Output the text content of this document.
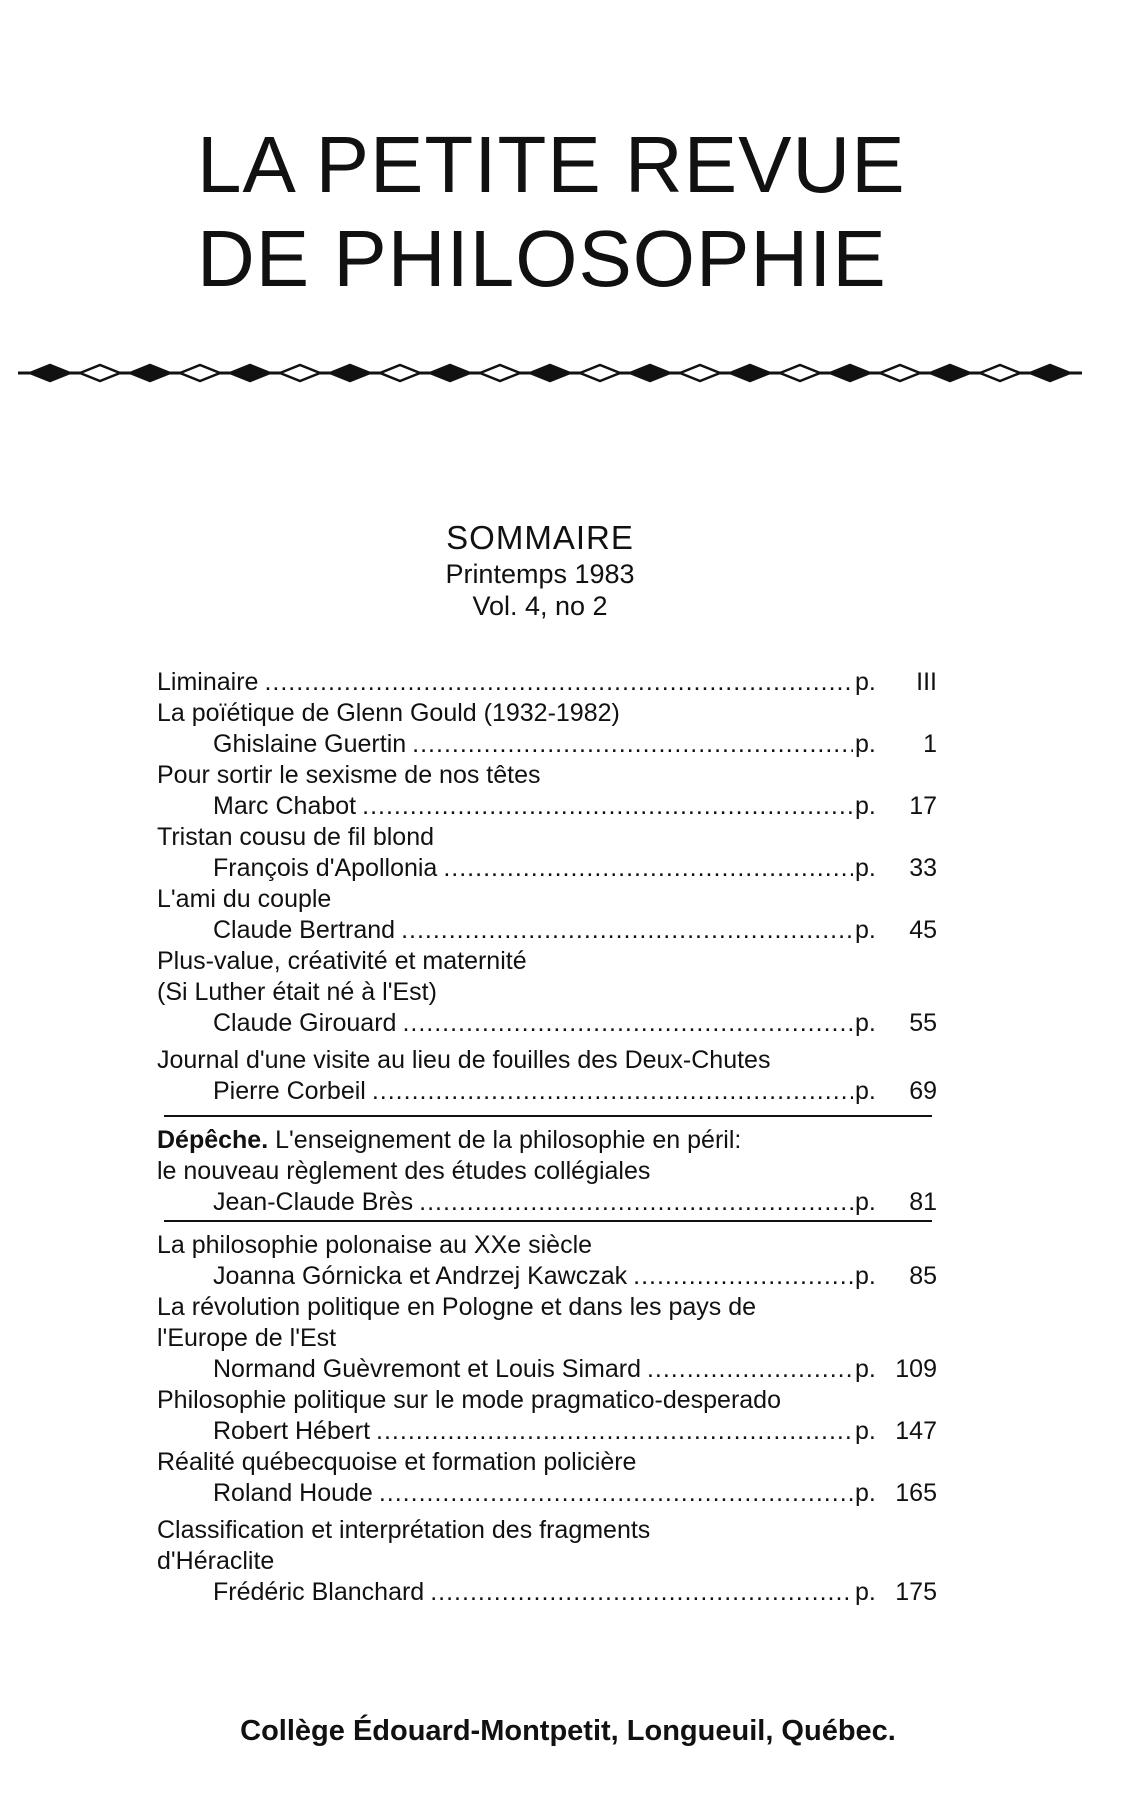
LA PETITE REVUE
DE PHILOSOPHIE
SOMMAIRE
Printemps 1983
Vol. 4, no 2
Liminaire .....	p.	III
La poïétique de Glenn Gould (1932-1982)
Ghislaine Guertin .....	p.	1
Pour sortir le sexisme de nos têtes
Marc Chabot .....	p.	17
Tristan cousu de fil blond
François d'Apollonia .....	p.	33
L'ami du couple
Claude Bertrand .....	p.	45
Plus-value, créativité et maternité
(Si Luther était né à l'Est)
Claude Girouard .....	p.	55
Journal d'une visite au lieu de fouilles des Deux-Chutes
Pierre Corbeil .....	p.	69
Dépêche. L'enseignement de la philosophie en péril:
le nouveau règlement des études collégiales
Jean-Claude Brès .....	p.	81
La philosophie polonaise au XXe siècle
Joanna Górnicka et Andrzej Kawczak .....	p.	85
La révolution politique en Pologne et dans les pays de
l'Europe de l'Est
Normand Guèvremont et Louis Simard .....	p. 109
Philosophie politique sur le mode pragmatico-desperado
Robert Hébert .....	p. 147
Réalité québecquoise et formation policière
Roland Houde .....	p. 165
Classification et interprétation des fragments
d'Héraclite
Frédéric Blanchard .....	p. 175
Collège Édouard-Montpetit, Longueuil, Québec.
